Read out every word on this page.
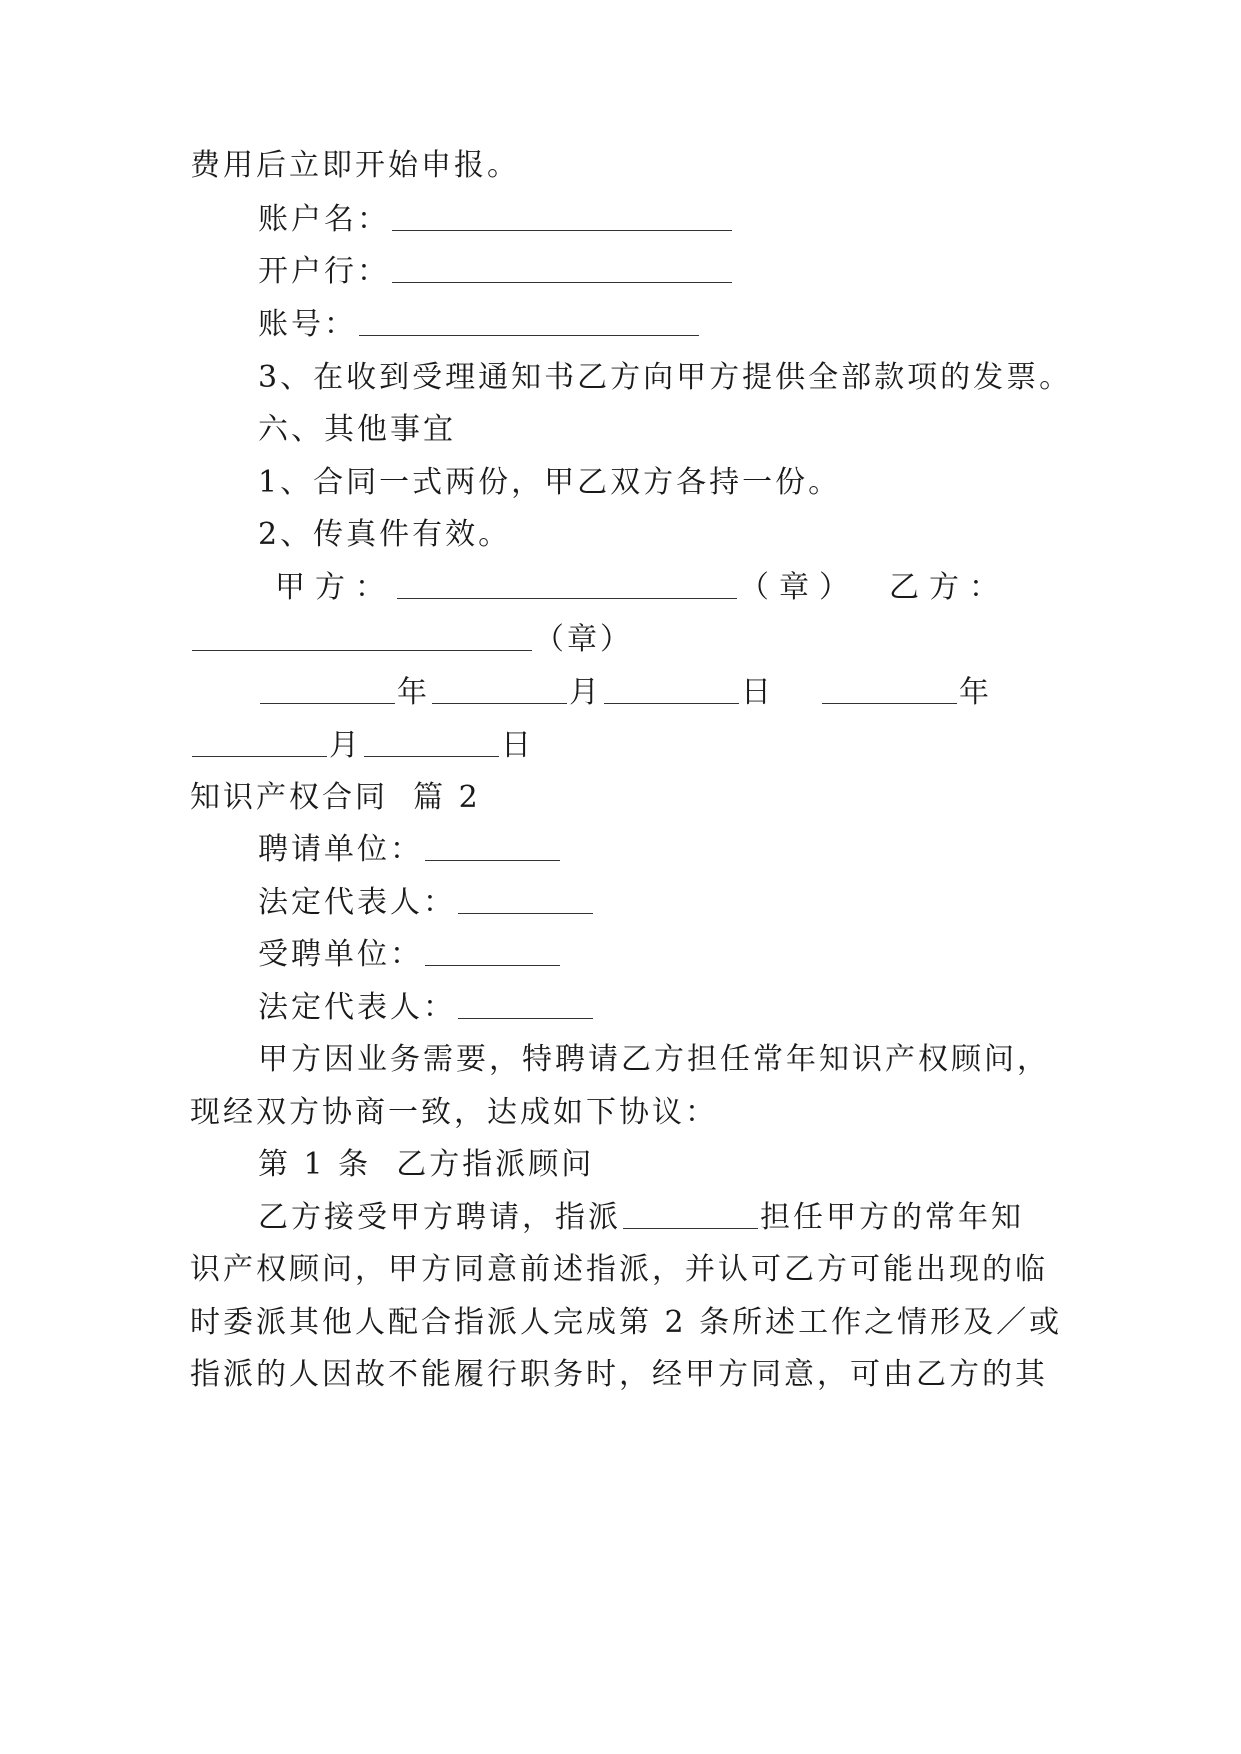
费用后立即开始申报。
账户名：
开户行：
账号：
3、在收到受理通知书乙方向甲方提供全部款项的发票。
六、其他事宜
1、合同一式两份，甲乙双方各持一份。
2、传真件有效。
甲方：	（章） 乙方：
（章）
年	月	日	年
月	日
知识产权合同  篇 2
聘请单位：
法定代表人：
受聘单位：
法定代表人：
甲方因业务需要，特聘请乙方担任常年知识产权顾问，
现经双方协商一致，达成如下协议：
第 1 条  乙方指派顾问
乙方接受甲方聘请，指派	担任甲方的常年知
识产权顾问，甲方同意前述指派，并认可乙方可能出现的临
时委派其他人配合指派人完成第 2 条所述工作之情形及／或
指派的人因故不能履行职务时，经甲方同意，可由乙方的其
